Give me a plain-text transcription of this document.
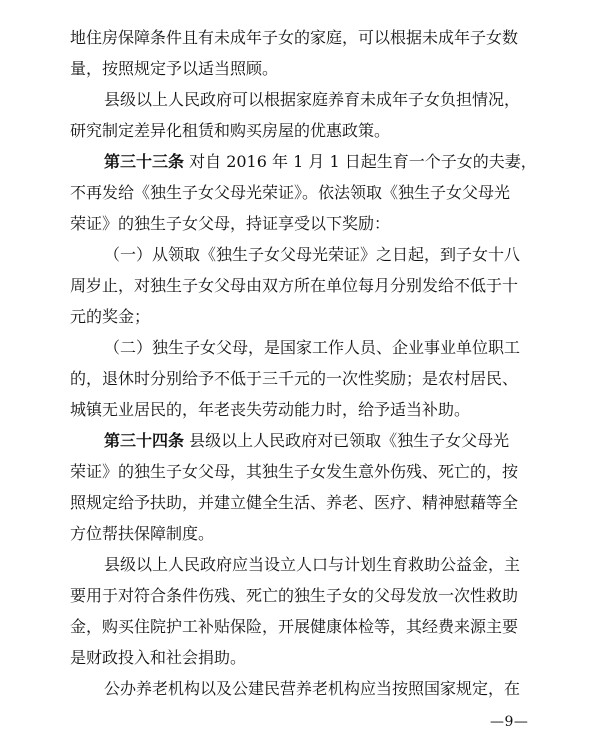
地住房保障条件且有未成年子女的家庭，可以根据未成年子女数
量，按照规定予以适当照顾。
县级以上人民政府可以根据家庭养育未成年子女负担情况，
研究制定差异化租赁和购买房屋的优惠政策。
第三十三条 对自 2016 年 1 月 1 日起生育一个子女的夫妻，
不再发给《独生子女父母光荣证》。依法领取《独生子女父母光
荣证》的独生子女父母，持证享受以下奖励：
（一）从领取《独生子女父母光荣证》之日起，到子女十八
周岁止，对独生子女父母由双方所在单位每月分别发给不低于十
元的奖金；
（二）独生子女父母，是国家工作人员、企业事业单位职工
的，退休时分别给予不低于三千元的一次性奖励；是农村居民、
城镇无业居民的，年老丧失劳动能力时，给予适当补助。
第三十四条 县级以上人民政府对已领取《独生子女父母光
荣证》的独生子女父母，其独生子女发生意外伤残、死亡的，按
照规定给予扶助，并建立健全生活、养老、医疗、精神慰藉等全
方位帮扶保障制度。
—9—
县级以上人民政府应当设立人口与计划生育救助公益金，主
要用于对符合条件伤残、死亡的独生子女的父母发放一次性救助
金，购买住院护工补贴保险，开展健康体检等，其经费来源主要
是财政投入和社会捐助。
公办养老机构以及公建民营养老机构应当按照国家规定，在
